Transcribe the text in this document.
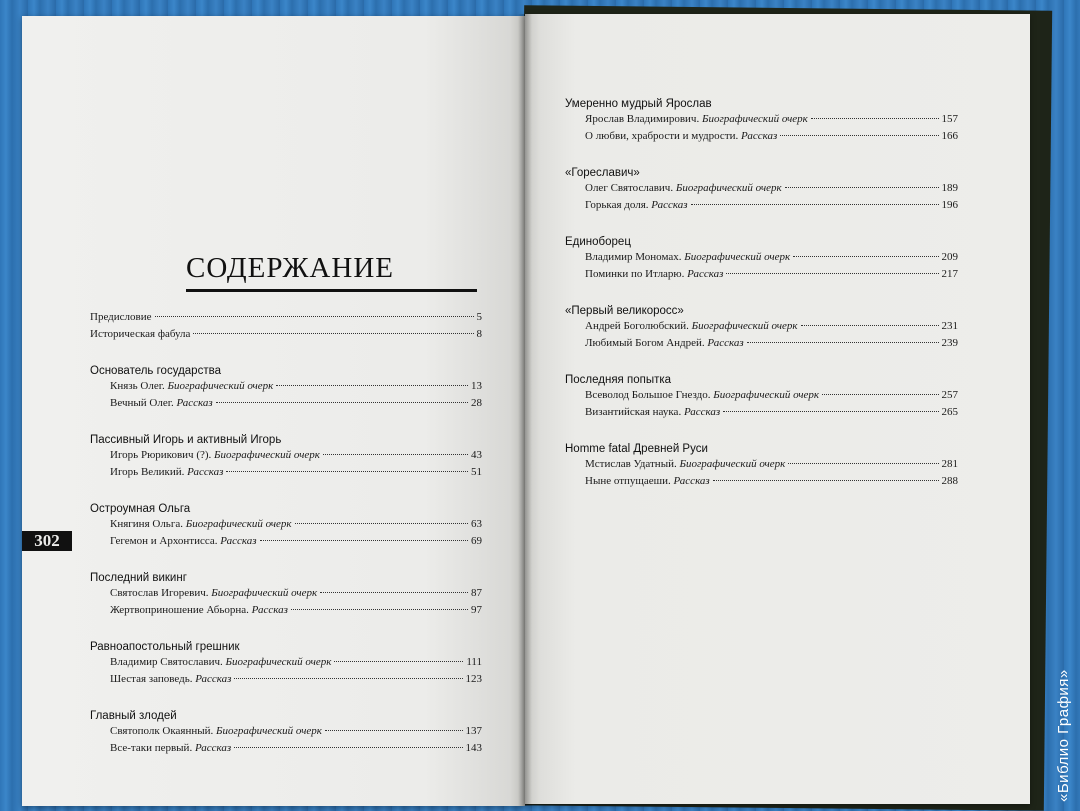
СОДЕРЖАНИЕ
302
Предисловие	5
Историческая фабула	8
Основатель государства
Князь Олег. Биографический очерк	13
Вечный Олег. Рассказ	28
Пассивный Игорь и активный Игорь
Игорь Рюрикович (?). Биографический очерк	43
Игорь Великий. Рассказ	51
Остроумная Ольга
Княгиня Ольга. Биографический очерк	63
Гегемон и Архонтисса. Рассказ	69
Последний викинг
Святослав Игоревич. Биографический очерк	87
Жертвоприношение Абьорна. Рассказ	97
Равноапостольный грешник
Владимир Святославич. Биографический очерк	111
Шестая заповедь. Рассказ	123
Главный злодей
Святополк Окаянный. Биографический очерк	137
Все-таки первый. Рассказ	143
Умеренно мудрый Ярослав
Ярослав Владимирович. Биографический очерк	157
О любви, храбрости и мудрости. Рассказ	166
«Гореславич»
Олег Святославич. Биографический очерк	189
Горькая доля. Рассказ	196
Единоборец
Владимир Мономах. Биографический очерк	209
Поминки по Итларю. Рассказ	217
«Первый великоросс»
Андрей Боголюбский. Биографический очерк	231
Любимый Богом Андрей. Рассказ	239
Последняя попытка
Всеволод Большое Гнездо. Биографический очерк	257
Византийская наука. Рассказ	265
Homme fatal Древней Руси
Мстислав Удатный. Биографический очерк	281
Ныне отпущаеши. Рассказ	288
«Библио Графия»
